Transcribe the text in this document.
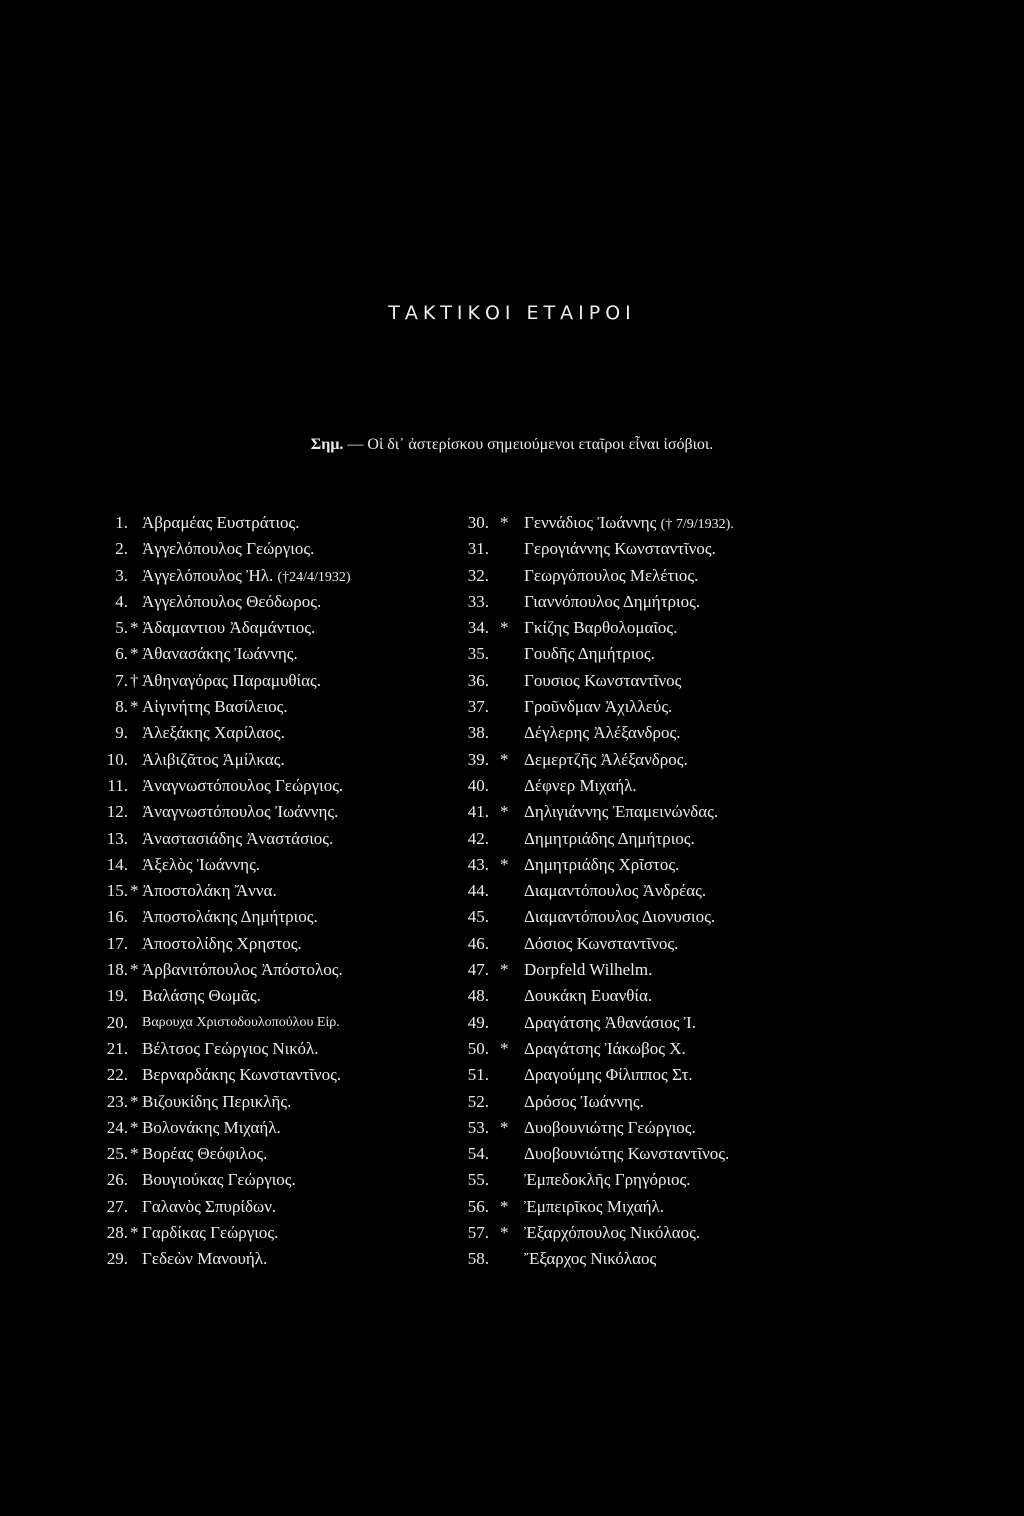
ΤΑΚΤΙΚΟΙ ΕΤΑΙΡΟΙ
Σημ. — Οἱ δι᾽ ἀστερίσκου σημειούμενοι εταῖροι εἶναι ἰσόβιοι.
1. Ἀβραμέας Ευστράτιος.
2. Ἀγγελόπουλος Γεώργιος.
3. Ἀγγελόπουλος Ἠλ. (†24/4/1932)
4. Ἀγγελόπουλος Θεόδωρος.
5. * Ἀδαμαντιου Ἀδαμάντιος.
6. * Ἀθανασάκης Ἰωάννης.
7. † Ἀθηναγόρας Παραμυθίας.
8. * Αἰγινήτης Βασίλειος.
9. Ἀλεξάκης Χαρίλαος.
10. Ἀλιβιζᾶτος Ἀμίλκας.
11. Ἀναγνωστόπουλος Γεώργιος.
12. Ἀναγνωστόπουλος Ἰωάννης.
13. Ἀναστασιάδης Ἀναστάσιος.
14. Ἀξελὸς Ἰωάννης.
15. * Ἀποστολάκη Ἄννα.
16. Ἀποστολάκης Δημήτριος.
17. Ἀποστολίδης Χρηστος.
18. * Ἀρβανιτόπουλος Ἀπόστολος.
19. Βαλάσης Θωμᾶς.
20. Βαρουχα Χριστοδουλοπούλου Εἰρ.
21. Βέλτσος Γεώργιος Νικόλ.
22. Βερναρδάκης Κωνσταντῖνος.
23. * Βιζουκίδης Περικλῆς.
24. * Βολονάκης Μιχαήλ.
25. * Βορέας Θεόφιλος.
26. Βουγιούκας Γεώργιος.
27. Γαλανὸς Σπυρίδων.
28. * Γαρδίκας Γεώργιος.
29. Γεδεὼν Μανουήλ.
30. * Γεννάδιος Ἰωάννης († 7/9/1932).
31. Γερογιάννης Κωνσταντῖνος.
32. Γεωργόπουλος Μελέτιος.
33. Γιαννόπουλος Δημήτριος.
34. * Γκίζης Βαρθολομαῖος.
35. Γουδῆς Δημήτριος.
36. Γουσιος Κωνσταντῖνος
37. Γροῦνδμαν Ἀχιλλεύς.
38. Δέγλερης Ἀλέξανδρος.
39. * Δεμερτζῆς Ἀλέξανδρος.
40. Δέφνερ Μιχαήλ.
41. * Δηλιγιάννης Ἐπαμεινώνδας.
42. Δημητριάδης Δημήτριος.
43. * Δημητριάδης Χρῖστος.
44. Διαμαντόπουλος Ἀνδρέας.
45. Διαμαντόπουλος Διονυσιος.
46. Δόσιος Κωνσταντῖνος.
47. * Dorpfeld Wilhelm.
48. Δουκάκη Ευανθία.
49. Δραγάτσης Ἀθανάσιος Ἰ.
50. * Δραγάτσης Ἰάκωβος Χ.
51. Δραγούμης Φίλιππος Στ.
52. Δρόσος Ἰωάννης.
53. * Δυοβουνιώτης Γεώργιος.
54. Δυοβουνιώτης Κωνσταντῖνος.
55. Ἐμπεδοκλῆς Γρηγόριος.
56. * Ἐμπειρῖκος Μιχαήλ.
57. * Ἐξαρχόπουλος Νικόλαος.
58. Ἔξαρχος Νικόλαος
